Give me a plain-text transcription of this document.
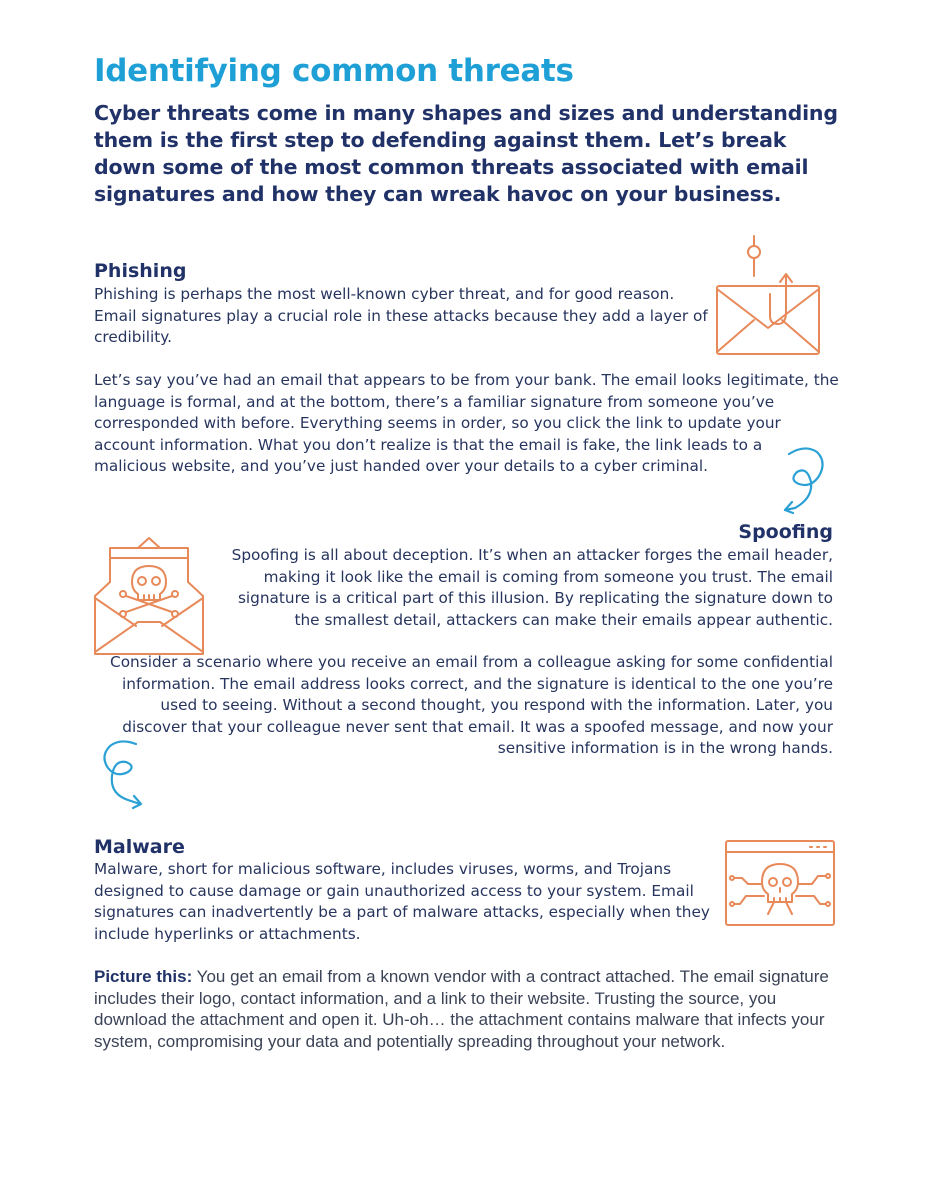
Identifying common threats

Cyber threats come in many shapes and sizes and understanding them is the first step to defending against them. Let’s break down some of the most common threats associated with email signatures and how they can wreak havoc on your business.

Phishing

Phishing is perhaps the most well-known cyber threat, and for good reason. Email signatures play a crucial role in these attacks because they add a layer of credibility.

Let’s say you’ve had an email that appears to be from your bank. The email looks legitimate, the language is formal, and at the bottom, there’s a familiar signature from someone you’ve corresponded with before. Everything seems in order, so you click the link to update your account information. What you don’t realize is that the email is fake, the link leads to a malicious website, and you’ve just handed over your details to a cyber criminal.

Spoofing

Spoofing is all about deception. It’s when an attacker forges the email header, making it look like the email is coming from someone you trust. The email signature is a critical part of this illusion. By replicating the signature down to the smallest detail, attackers can make their emails appear authentic.

Consider a scenario where you receive an email from a colleague asking for some confidential information. The email address looks correct, and the signature is identical to the one you’re used to seeing. Without a second thought, you respond with the information. Later, you discover that your colleague never sent that email. It was a spoofed message, and now your sensitive information is in the wrong hands.

Malware

Malware, short for malicious software, includes viruses, worms, and Trojans designed to cause damage or gain unauthorized access to your system. Email signatures can inadvertently be a part of malware attacks, especially when they include hyperlinks or attachments.

Picture this: You get an email from a known vendor with a contract attached. The email signature includes their logo, contact information, and a link to their website. Trusting the source, you download the attachment and open it. Uh-oh… the attachment contains malware that infects your system, compromising your data and potentially spreading throughout your network.
